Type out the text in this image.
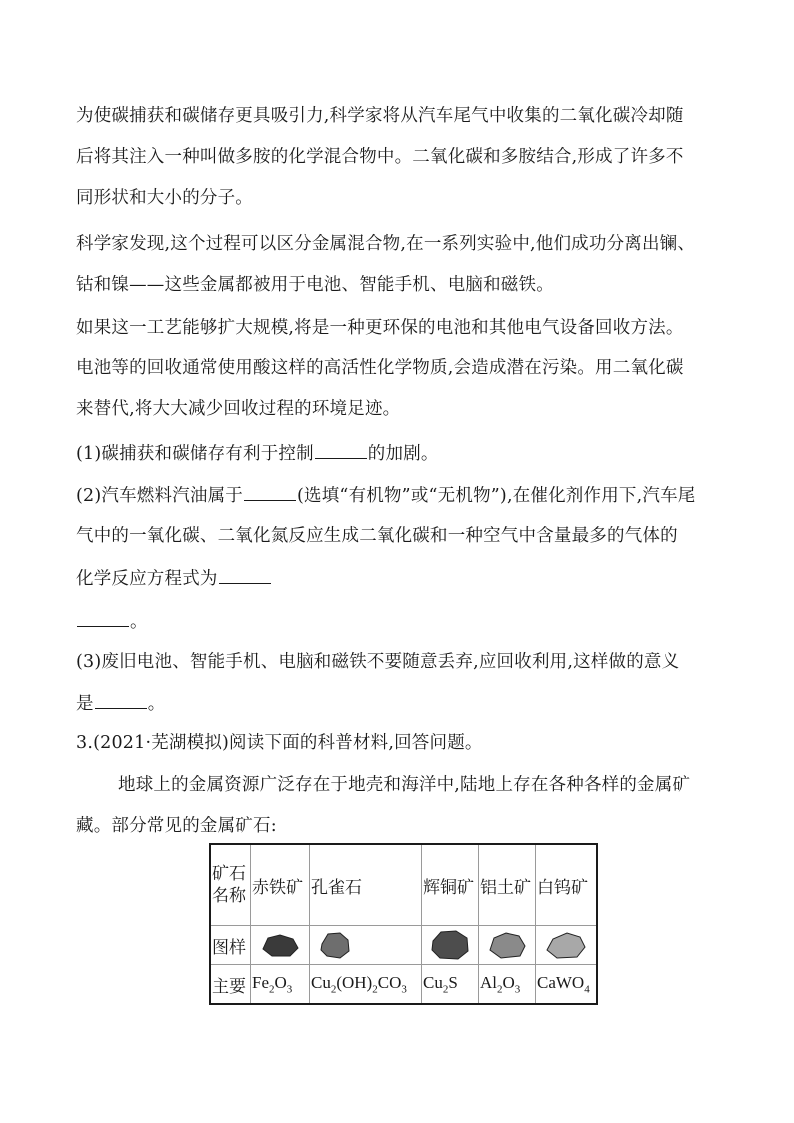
为使碳捕获和碳储存更具吸引力,科学家将从汽车尾气中收集的二氧化碳冷却随
后将其注入一种叫做多胺的化学混合物中。二氧化碳和多胺结合,形成了许多不
同形状和大小的分子。
科学家发现,这个过程可以区分金属混合物,在一系列实验中,他们成功分离出镧、
钴和镍——这些金属都被用于电池、智能手机、电脑和磁铁。
如果这一工艺能够扩大规模,将是一种更环保的电池和其他电气设备回收方法。
电池等的回收通常使用酸这样的高活性化学物质,会造成潜在污染。用二氧化碳
来替代,将大大减少回收过程的环境足迹。
(1)碳捕获和碳储存有利于控制	的加剧。
(2)汽车燃料汽油属于	(选填“有机物”或“无机物”),在催化剂作用下,汽车尾
气中的一氧化碳、二氧化氮反应生成二氧化碳和一种空气中含量最多的气体的
化学反应方程式为
。
(3)废旧电池、智能手机、电脑和磁铁不要随意丢弃,应回收利用,这样做的意义
是	。
3.(2021·芜湖模拟)阅读下面的科普材料,回答问题。
地球上的金属资源广泛存在于地壳和海洋中,陆地上存在各种各样的金属矿
藏。部分常见的金属矿石:
矿石名称	赤铁矿	孔雀石	辉铜矿	铝土矿	白钨矿
图样	

主要	$Fe_2O_3$	$Cu_2(OH)_2CO_3$	$Cu_2S$	$Al_2O_3$	CaWO$_4$
